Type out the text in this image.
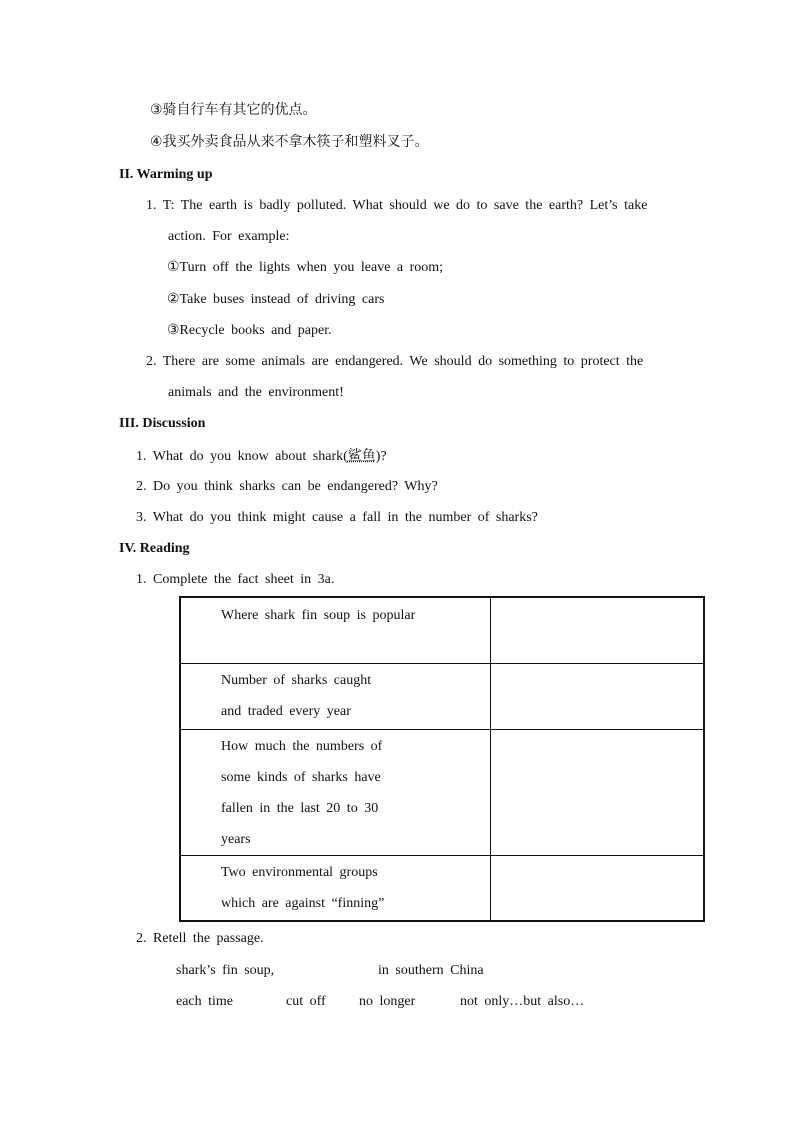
③骑自行车有其它的优点。
④我买外卖食品从来不拿木筷子和塑料叉子。
II. Warming up
1. T: The earth is badly polluted. What should we do to save the earth? Let’s take
action. For example:
①Turn off the lights when you leave a room;
②Take buses instead of driving cars
③Recycle books and paper.
2. There are some animals are endangered. We should do something to protect the
animals and the environment!
III. Discussion
1. What do you know about shark(鲨鱼)?
2. Do you think sharks can be endangered? Why?
3. What do you think might cause a fall in the number of sharks?
IV. Reading
1. Complete the fact sheet in 3a.
Where shark fin soup is popular	

Number of sharks caught
and traded every year	

How much the numbers of
some kinds of sharks have
fallen in the last 20 to 30
years	

Two environmental groups
which are against “finning”	

2. Retell the passage.
shark’s fin soup,	in southern China
each time	cut off no longer	not only…but also…
